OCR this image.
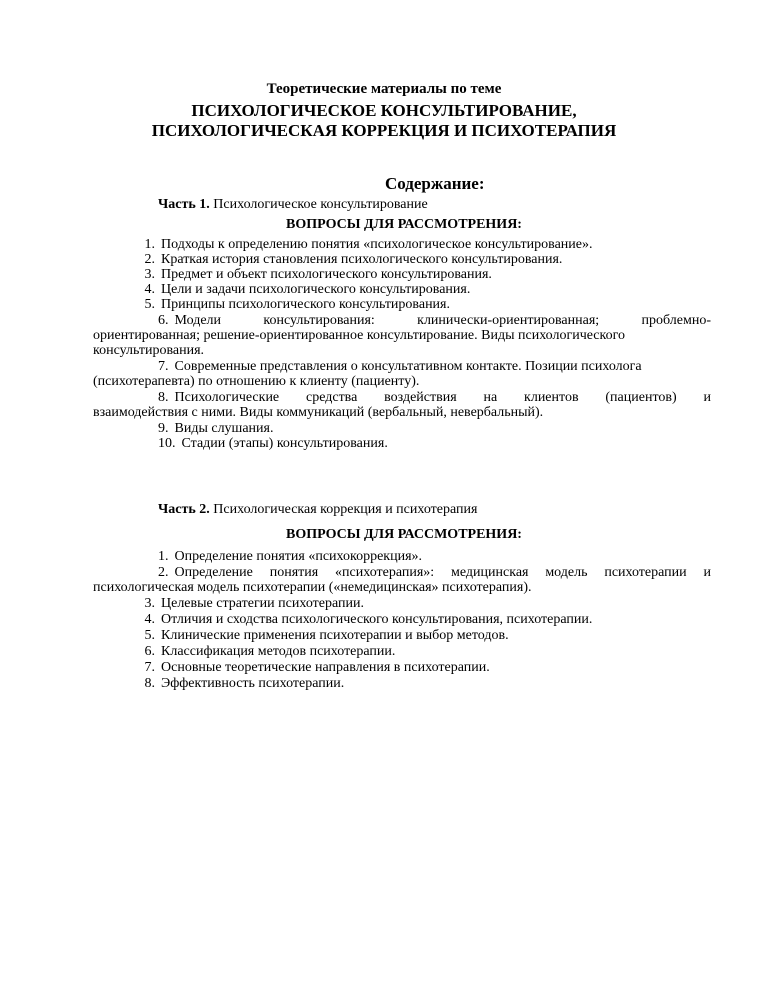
Теоретические материалы по теме
ПСИХОЛОГИЧЕСКОЕ КОНСУЛЬТИРОВАНИЕ,
ПСИХОЛОГИЧЕСКАЯ КОРРЕКЦИЯ И ПСИХОТЕРАПИЯ
Содержание:
Часть 1. Психологическое консультирование
ВОПРОСЫ ДЛЯ РАССМОТРЕНИЯ:
1. Подходы к определению понятия «психологическое консультирование».
2. Краткая история становления психологического консультирования.
3. Предмет и объект психологического консультирования.
4. Цели и задачи психологического консультирования.
5. Принципы психологического консультирования.
6. Модели	консультирования:	клинически-ориентированная;	проблемно-
ориентированная; решение-ориентированное консультирование. Виды психологического
консультирования.
7. Современные представления о консультативном контакте. Позиции психолога
(психотерапевта) по отношению к клиенту (пациенту).
8. Психологические средства воздействия на клиентов (пациентов) и
взаимодействия с ними. Виды коммуникаций (вербальный, невербальный).
9. Виды слушания.
10. Стадии (этапы) консультирования.
Часть 2. Психологическая коррекция и психотерапия
ВОПРОСЫ ДЛЯ РАССМОТРЕНИЯ:
1. Определение понятия «психокоррекция».
2. Определение понятия «психотерапия»: медицинская модель психотерапии и
психологическая модель психотерапии («немедицинская» психотерапия).
3. Целевые стратегии психотерапии.
4. Отличия и сходства психологического консультирования, психотерапии.
5. Клинические применения психотерапии и выбор методов.
6. Классификация методов психотерапии.
7. Основные теоретические направления в психотерапии.
8. Эффективность психотерапии.
